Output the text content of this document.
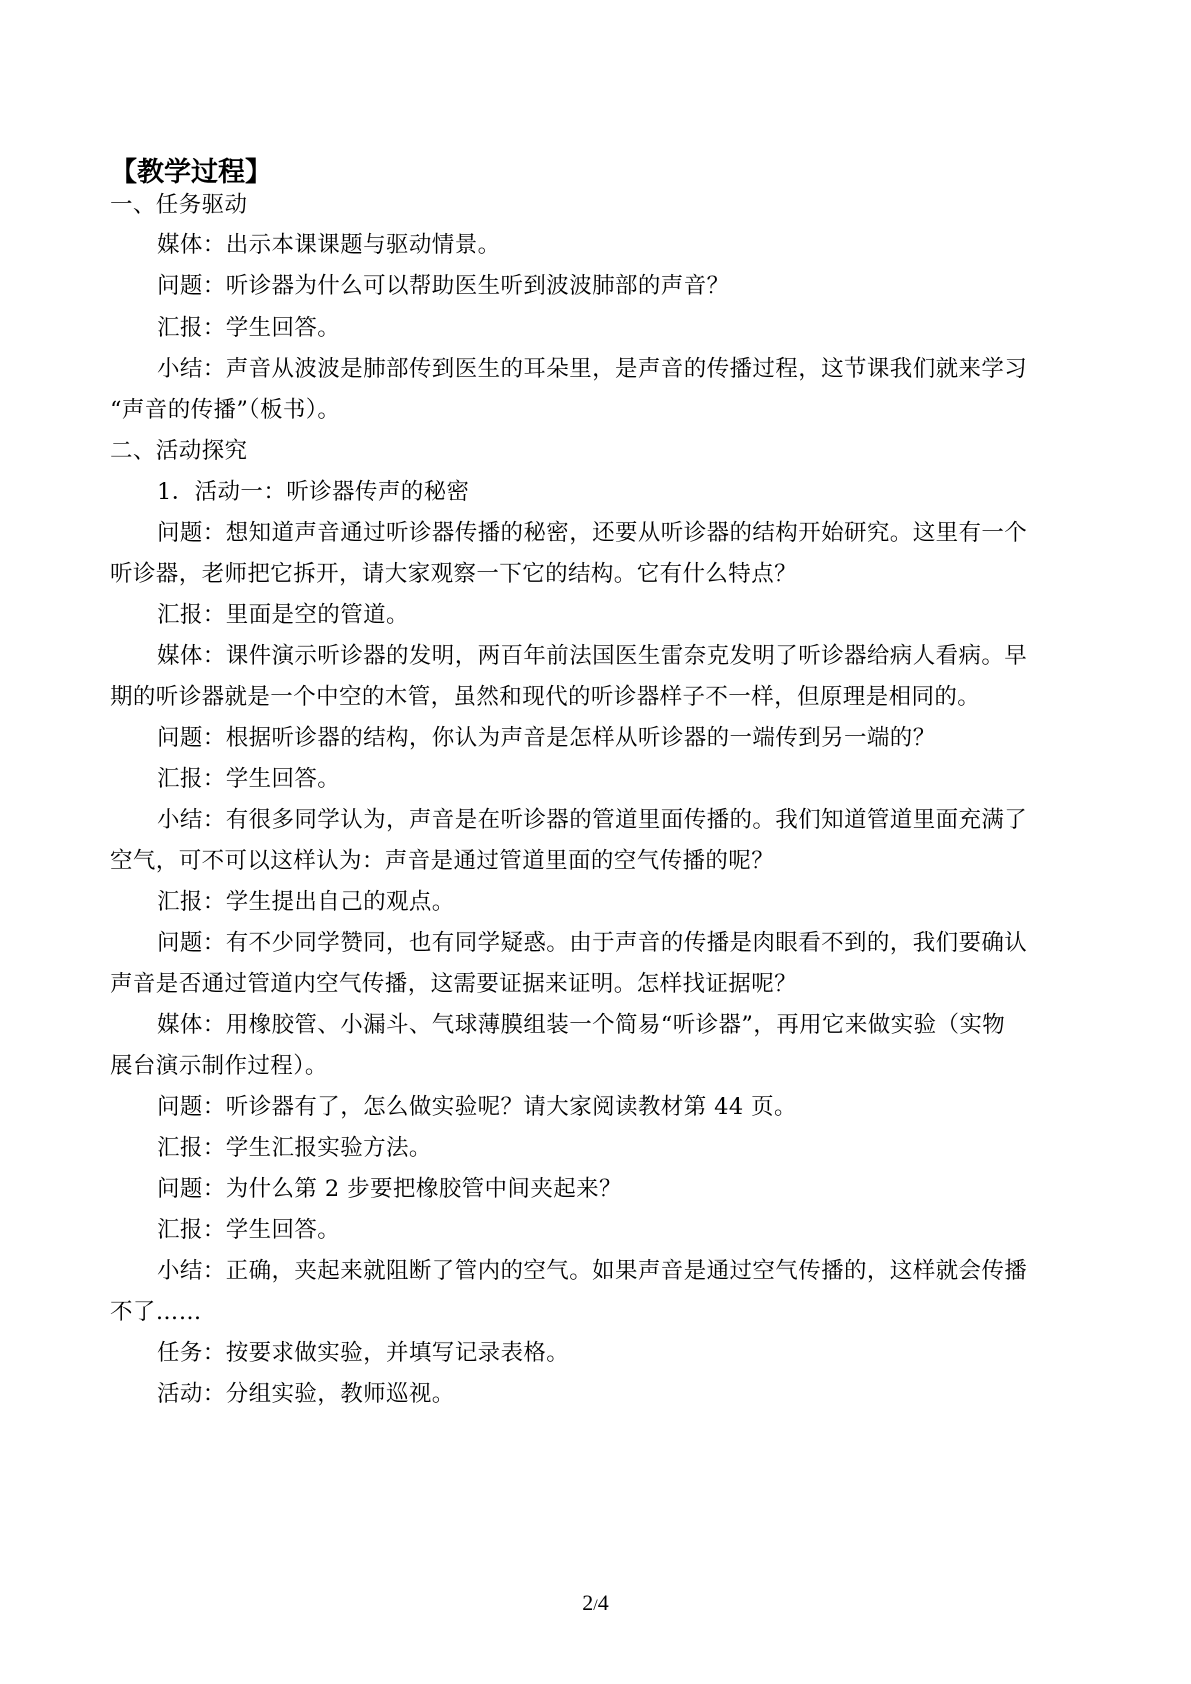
【教学过程】
一、任务驱动
媒体：出示本课课题与驱动情景。
问题：听诊器为什么可以帮助医生听到波波肺部的声音？
汇报：学生回答。
小结：声音从波波是肺部传到医生的耳朵里，是声音的传播过程，这节课我们就来学习
“声音的传播”（板书）。
二、活动探究
1．活动一：听诊器传声的秘密
问题：想知道声音通过听诊器传播的秘密，还要从听诊器的结构开始研究。这里有一个
听诊器，老师把它拆开，请大家观察一下它的结构。它有什么特点？
汇报：里面是空的管道。
媒体：课件演示听诊器的发明，两百年前法国医生雷奈克发明了听诊器给病人看病。早
期的听诊器就是一个中空的木管，虽然和现代的听诊器样子不一样，但原理是相同的。
问题：根据听诊器的结构，你认为声音是怎样从听诊器的一端传到另一端的？
汇报：学生回答。
小结：有很多同学认为，声音是在听诊器的管道里面传播的。我们知道管道里面充满了
空气，可不可以这样认为：声音是通过管道里面的空气传播的呢？
汇报：学生提出自己的观点。
问题：有不少同学赞同，也有同学疑惑。由于声音的传播是肉眼看不到的，我们要确认
声音是否通过管道内空气传播，这需要证据来证明。怎样找证据呢？
媒体：用橡胶管、小漏斗、气球薄膜组装一个简易“听诊器”，再用它来做实验（实物
展台演示制作过程）。
问题：听诊器有了，怎么做实验呢？请大家阅读教材第 44 页。
汇报：学生汇报实验方法。
问题：为什么第 2 步要把橡胶管中间夹起来？
汇报：学生回答。
小结：正确，夹起来就阻断了管内的空气。如果声音是通过空气传播的，这样就会传播
不了……
任务：按要求做实验，并填写记录表格。
活动：分组实验，教师巡视。
2/4
